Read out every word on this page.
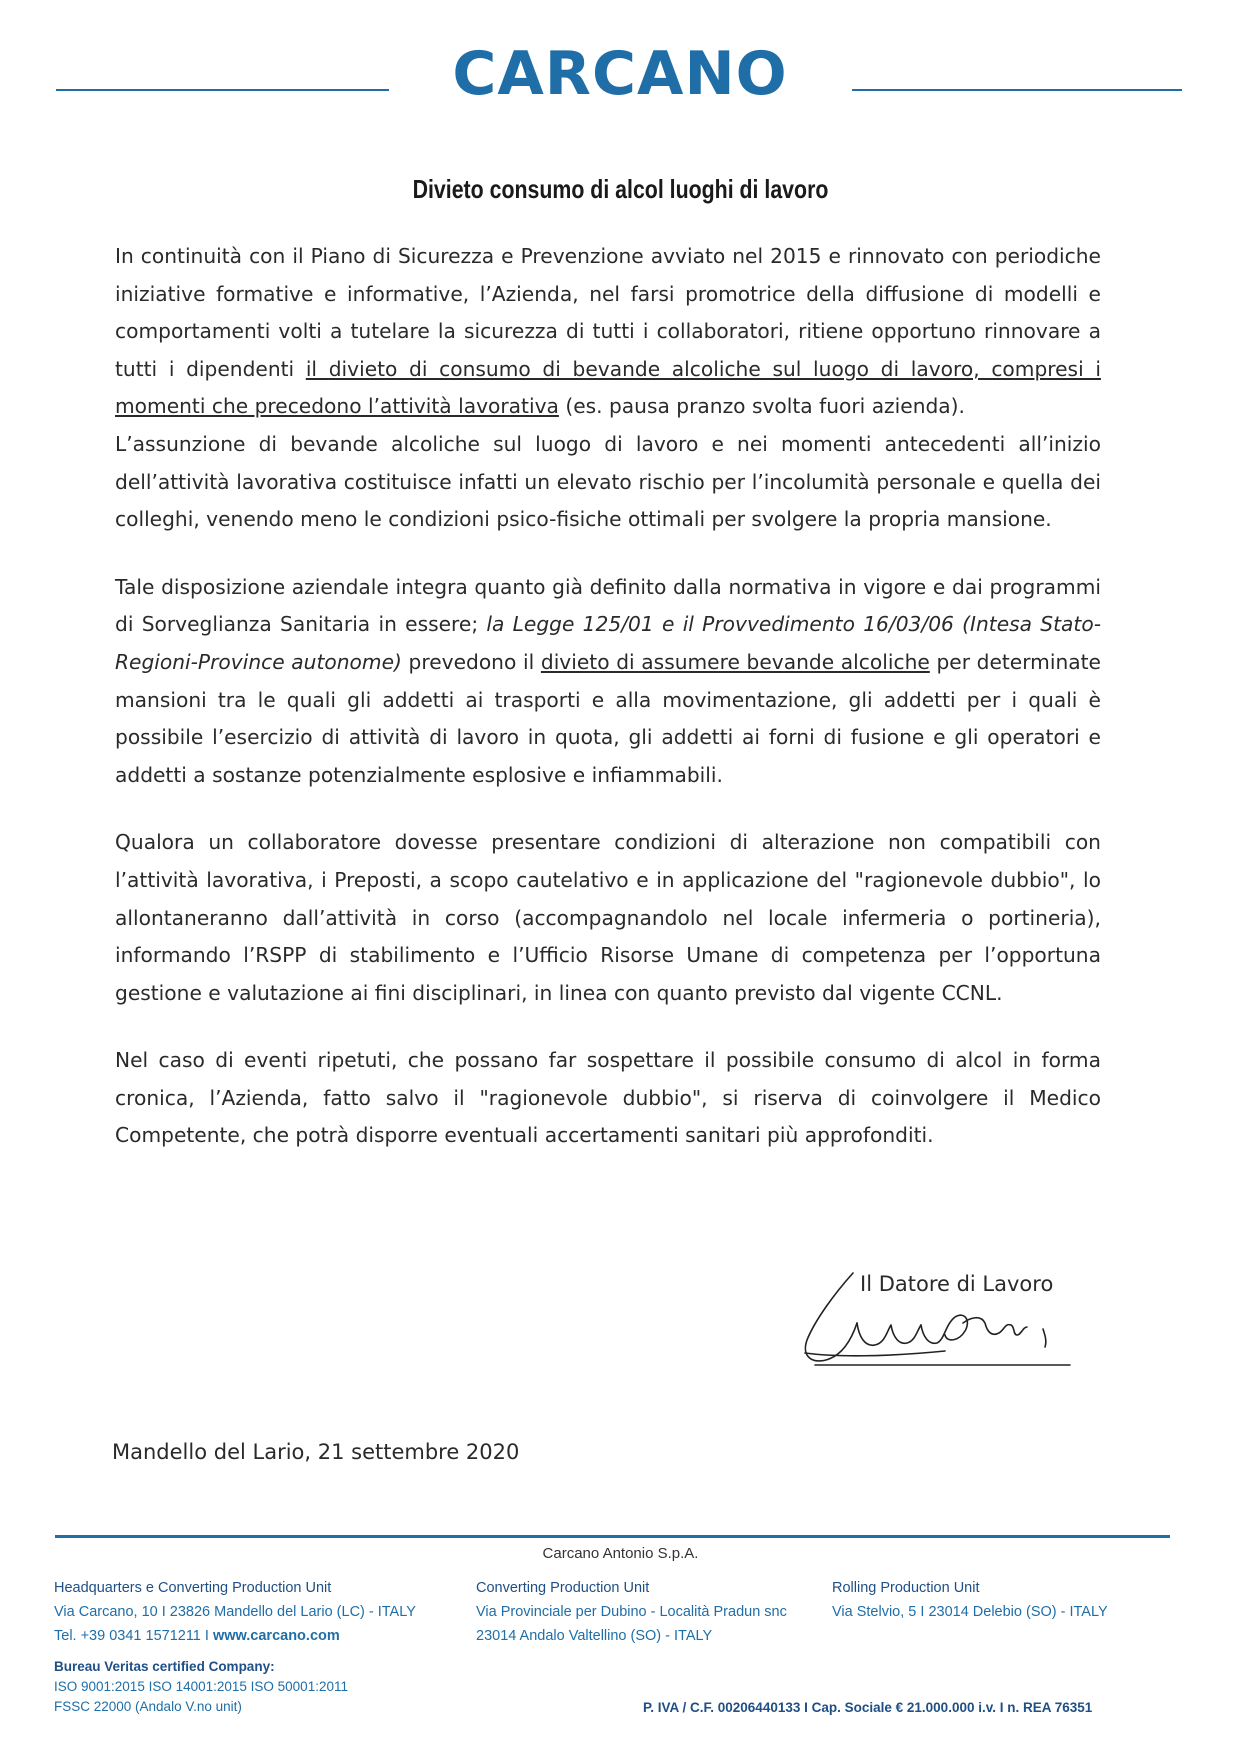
CARCANO
Divieto consumo di alcol luoghi di lavoro

In continuità con il Piano di Sicurezza e Prevenzione avviato nel 2015 e rinnovato con periodiche iniziative formative e informative, l’Azienda, nel farsi promotrice della diffusione di modelli e comportamenti volti a tutelare la sicurezza di tutti i collaboratori, ritiene opportuno rinnovare a tutti i dipendenti il divieto di consumo di bevande alcoliche sul luogo di lavoro, compresi i momenti che precedono l’attività lavorativa (es. pausa pranzo svolta fuori azienda).

L’assunzione di bevande alcoliche sul luogo di lavoro e nei momenti antecedenti all’inizio dell’attività lavorativa costituisce infatti un elevato rischio per l’incolumità personale e quella dei colleghi, venendo meno le condizioni psico-fisiche ottimali per svolgere la propria mansione.

Tale disposizione aziendale integra quanto già definito dalla normativa in vigore e dai programmi di Sorveglianza Sanitaria in essere; la Legge 125/01 e il Provvedimento 16/03/06 (Intesa Stato-Regioni-Province autonome) prevedono il divieto di assumere bevande alcoliche per determinate mansioni tra le quali gli addetti ai trasporti e alla movimentazione, gli addetti per i quali è possibile l’esercizio di attività di lavoro in quota, gli addetti ai forni di fusione e gli operatori e addetti a sostanze potenzialmente esplosive e infiammabili.

Qualora un collaboratore dovesse presentare condizioni di alterazione non compatibili con l’attività lavorativa, i Preposti, a scopo cautelativo e in applicazione del "ragionevole dubbio", lo allontaneranno dall’attività in corso (accompagnandolo nel locale infermeria o portineria), informando l’RSPP di stabilimento e l’Ufficio Risorse Umane di competenza per l’opportuna gestione e valutazione ai fini disciplinari, in linea con quanto previsto dal vigente CCNL.

Nel caso di eventi ripetuti, che possano far sospettare il possibile consumo di alcol in forma cronica, l’Azienda, fatto salvo il "ragionevole dubbio", si riserva di coinvolgere il Medico Competente, che potrà disporre eventuali accertamenti sanitari più approfonditi.

Il Datore di Lavoro
Mandello del Lario, 21 settembre 2020
Carcano Antonio S.p.A.
Headquarters e Converting Production Unit
Via Carcano, 10 I 23826 Mandello del Lario (LC) - ITALY
Tel. +39 0341 1571211 I www.carcano.com
Converting Production Unit
Via Provinciale per Dubino - Località Pradun snc
23014 Andalo Valtellino (SO) - ITALY
Rolling Production Unit
Via Stelvio, 5 I 23014 Delebio (SO) - ITALY
Bureau Veritas certified Company:
ISO 9001:2015 ISO 14001:2015 ISO 50001:2011
FSSC 22000 (Andalo V.no unit)	P. IVA / C.F. 00206440133 I Cap. Sociale € 21.000.000 i.v. I n. REA 76351
